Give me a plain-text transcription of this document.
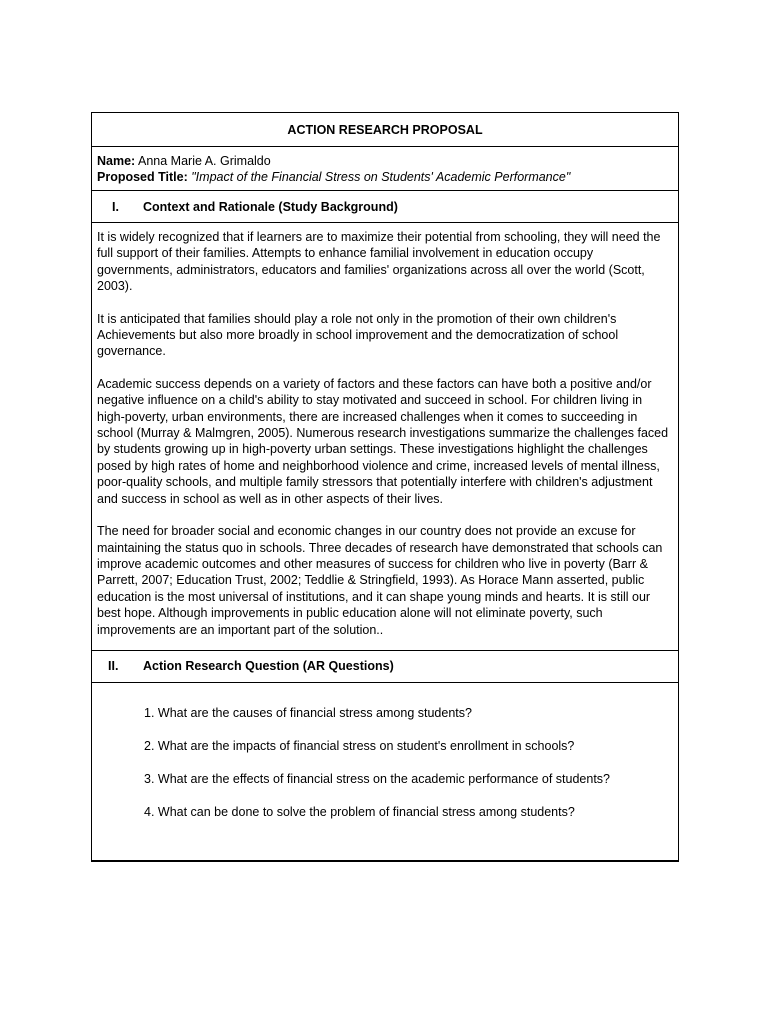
ACTION RESEARCH PROPOSAL
Name: Anna Marie A. Grimaldo
Proposed Title: "Impact of the Financial Stress on Students' Academic Performance"
I.	Context and Rationale (Study Background)

It is widely recognized that if learners are to maximize their potential from schooling, they will need the full support of their families. Attempts to enhance familial involvement in education occupy governments, administrators, educators and families' organizations across all over the world (Scott, 2003).

It is anticipated that families should play a role not only in the promotion of their own children's Achievements but also more broadly in school improvement and the democratization of school governance.

Academic success depends on a variety of factors and these factors can have both a positive and/or negative influence on a child's ability to stay motivated and succeed in school. For children living in high-poverty, urban environments, there are increased challenges when it comes to succeeding in school (Murray & Malmgren, 2005). Numerous research investigations summarize the challenges faced by students growing up in high-poverty urban settings. These investigations highlight the challenges posed by high rates of home and neighborhood violence and crime, increased levels of mental illness, poor-quality schools, and multiple family stressors that potentially interfere with children's adjustment and success in school as well as in other aspects of their lives.

The need for broader social and economic changes in our country does not provide an excuse for maintaining the status quo in schools. Three decades of research have demonstrated that schools can improve academic outcomes and other measures of success for children who live in poverty (Barr & Parrett, 2007; Education Trust, 2002; Teddlie & Stringfield, 1993). As Horace Mann asserted, public education is the most universal of institutions, and it can shape young minds and hearts. It is still our best hope. Although improvements in public education alone will not eliminate poverty, such improvements are an important part of the solution..

II.	Action Research Question (AR Questions)
1. What are the causes of financial stress among students?
2. What are the impacts of financial stress on student's enrollment in schools?
3. What are the effects of financial stress on the academic performance of students?
4. What can be done to solve the problem of financial stress among students?
